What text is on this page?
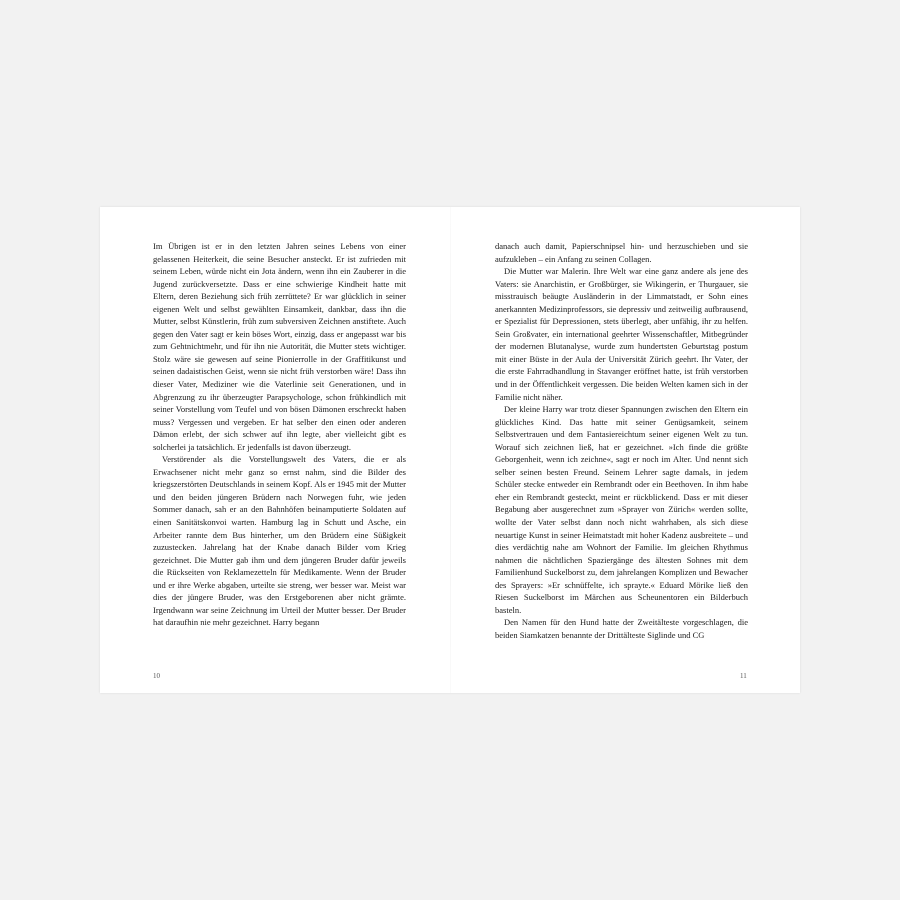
Im Übrigen ist er in den letzten Jahren seines Lebens von einer gelassenen Heiterkeit, die seine Besucher ansteckt. Er ist zufrieden mit seinem Leben, würde nicht ein Jota ändern, wenn ihn ein Zauberer in die Jugend zurückversetzte. Dass er eine schwierige Kindheit hatte mit Eltern, deren Beziehung sich früh zerrüttete? Er war glücklich in seiner eigenen Welt und selbst gewählten Einsamkeit, dankbar, dass ihn die Mutter, selbst Künstlerin, früh zum subversiven Zeichnen anstiftete. Auch gegen den Vater sagt er kein böses Wort, einzig, dass er angepasst war bis zum Gehtnichtmehr, und für ihn nie Autorität, die Mutter stets wichtiger. Stolz wäre sie gewesen auf seine Pionierrolle in der Graffitikunst und seinen dadaistischen Geist, wenn sie nicht früh verstorben wäre! Dass ihn dieser Vater, Mediziner wie die Vaterlinie seit Generationen, und in Abgrenzung zu ihr überzeugter Parapsychologe, schon frühkindlich mit seiner Vorstellung vom Teufel und von bösen Dämonen erschreckt haben muss? Vergessen und vergeben. Er hat selber den einen oder anderen Dämon erlebt, der sich schwer auf ihn legte, aber vielleicht gibt es solcherlei ja tatsächlich. Er jedenfalls ist davon überzeugt.

Verstörender als die Vorstellungswelt des Vaters, die er als Erwachsener nicht mehr ganz so ernst nahm, sind die Bilder des kriegszerstörten Deutschlands in seinem Kopf. Als er 1945 mit der Mutter und den beiden jüngeren Brüdern nach Norwegen fuhr, wie jeden Sommer danach, sah er an den Bahnhöfen beinamputierte Soldaten auf einen Sanitätskonvoi warten. Hamburg lag in Schutt und Asche, ein Arbeiter rannte dem Bus hinterher, um den Brüdern eine Süßigkeit zuzustecken. Jahrelang hat der Knabe danach Bilder vom Krieg gezeichnet. Die Mutter gab ihm und dem jüngeren Bruder dafür jeweils die Rückseiten von Reklamezetteln für Medikamente. Wenn der Bruder und er ihre Werke abgaben, urteilte sie streng, wer besser war. Meist war dies der jüngere Bruder, was den Erstgeborenen aber nicht grämte. Irgendwann war seine Zeichnung im Urteil der Mutter besser. Der Bruder hat daraufhin nie mehr gezeichnet. Harry begann

danach auch damit, Papierschnipsel hin- und herzuschieben und sie aufzukleben – ein Anfang zu seinen Collagen.

Die Mutter war Malerin. Ihre Welt war eine ganz andere als jene des Vaters: sie Anarchistin, er Großbürger, sie Wikingerin, er Thurgauer, sie misstrauisch beäugte Ausländerin in der Limmatstadt, er Sohn eines anerkannten Medizinprofessors, sie depressiv und zeitweilig aufbrausend, er Spezialist für Depressionen, stets überlegt, aber unfähig, ihr zu helfen. Sein Großvater, ein international geehrter Wissenschaftler, Mitbegründer der modernen Blutanalyse, wurde zum hundertsten Geburtstag postum mit einer Büste in der Aula der Universität Zürich geehrt. Ihr Vater, der die erste Fahrradhandlung in Stavanger eröffnet hatte, ist früh verstorben und in der Öffentlichkeit vergessen. Die beiden Welten kamen sich in der Familie nicht näher.

Der kleine Harry war trotz dieser Spannungen zwischen den Eltern ein glückliches Kind. Das hatte mit seiner Genügsamkeit, seinem Selbstvertrauen und dem Fantasiereichtum seiner eigenen Welt zu tun. Worauf sich zeichnen ließ, hat er gezeichnet. »Ich finde die größte Geborgenheit, wenn ich zeichne«, sagt er noch im Alter. Und nennt sich selber seinen besten Freund. Seinem Lehrer sagte damals, in jedem Schüler stecke entweder ein Rembrandt oder ein Beethoven. In ihm habe eher ein Rembrandt gesteckt, meint er rückblickend. Dass er mit dieser Begabung aber ausgerechnet zum »Sprayer von Zürich« werden sollte, wollte der Vater selbst dann noch nicht wahrhaben, als sich diese neuartige Kunst in seiner Heimatstadt mit hoher Kadenz ausbreitete – und dies verdächtig nahe am Wohnort der Familie. Im gleichen Rhythmus nahmen die nächtlichen Spaziergänge des ältesten Sohnes mit dem Familienhund Suckelborst zu, dem jahrelangen Komplizen und Bewacher des Sprayers: »Er schnüffelte, ich sprayte.« Eduard Mörike ließ den Riesen Suckelborst im Märchen aus Scheunentoren ein Bilderbuch basteln.

Den Namen für den Hund hatte der Zweitälteste vorgeschlagen, die beiden Siamkatzen benannte der Drittälteste Siglinde und CG

10	11
